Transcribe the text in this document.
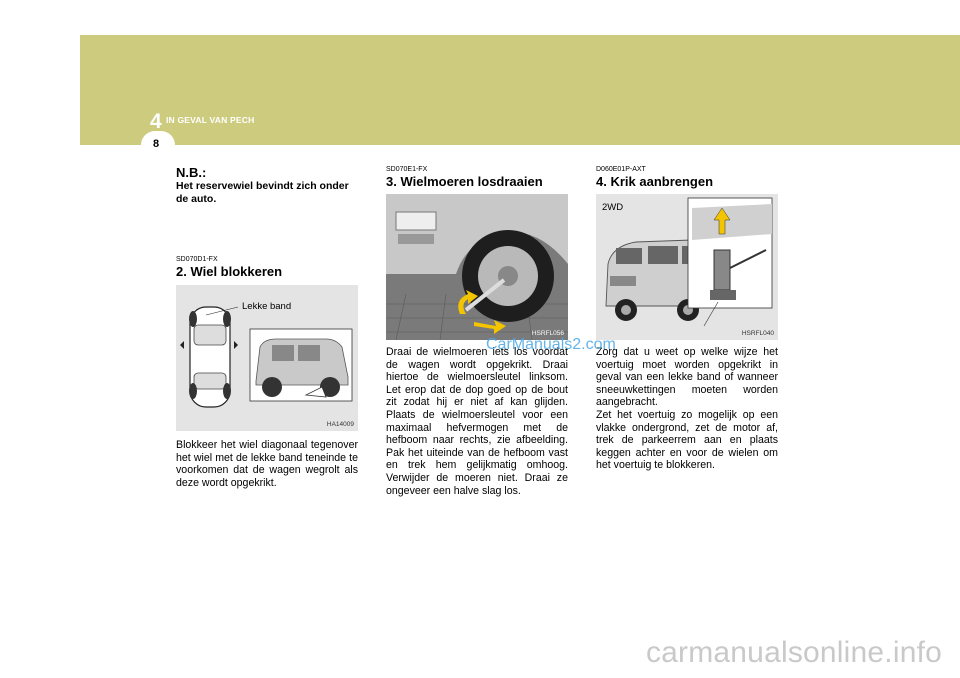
4 IN GEVAL VAN PECH
8
N.B.:
Het reservewiel bevindt zich onder de auto.
SD070D1-FX
2. Wiel blokkeren
Lekke band
HA14009
Blokkeer het wiel diagonaal tegenover het wiel met de lekke band teneinde te voorkomen dat de wagen wegrolt als deze wordt opgekrikt.
SD070E1-FX
3. Wielmoeren losdraaien
HSRFL056
Draai de wielmoeren iets los voordat de wagen wordt opgekrikt. Draai hiertoe de wielmoersleutel linksom. Let erop dat de dop goed op de bout zit zodat hij er niet af kan glijden. Plaats de wielmoersleutel voor een maximaal hefvermogen met de hefboom naar rechts, zie afbeelding. Pak het uiteinde van de hefboom vast en trek hem gelijkmatig omhoog. Verwijder de moeren niet. Draai ze ongeveer een halve slag los.
D060E01P-AXT
4. Krik aanbrengen
2WD
HSRFL040
Zorg dat u weet op welke wijze het voertuig moet worden opgekrikt in geval van een lekke band of wanneer sneeuwkettingen moeten worden aangebracht.
Zet het voertuig zo mogelijk op een vlakke ondergrond, zet de motor af, trek de parkeerrem aan en plaats keggen achter en voor de wielen om het voertuig te blokkeren.
CarManuals2.com
carmanualsonline.info
